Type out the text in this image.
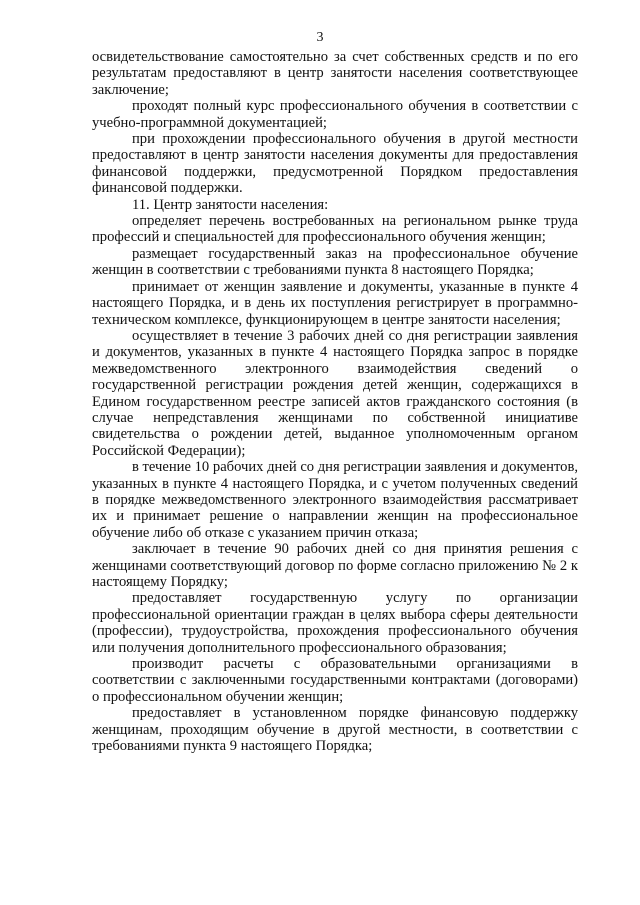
3

освидетельствование самостоятельно за счет собственных средств и по его результатам предоставляют в центр занятости населения соответствующее заключение;

проходят полный курс профессионального обучения в соответствии с учебно-программной документацией;

при прохождении профессионального обучения в другой местности предоставляют в центр занятости населения документы для предоставления финансовой поддержки, предусмотренной Порядком предоставления финансовой поддержки.

11. Центр занятости населения:

определяет перечень востребованных на региональном рынке труда профессий и специальностей для профессионального обучения женщин;

размещает государственный заказ на профессиональное обучение женщин в соответствии с требованиями пункта 8 настоящего Порядка;

принимает от женщин заявление и документы, указанные в пункте 4 настоящего Порядка, и в день их поступления регистрирует в программно-техническом комплексе, функционирующем в центре занятости населения;

осуществляет в течение 3 рабочих дней со дня регистрации заявления и документов, указанных в пункте 4 настоящего Порядка запрос в порядке межведомственного электронного взаимодействия сведений о государственной регистрации рождения детей женщин, содержащихся в Едином государственном реестре записей актов гражданского состояния (в случае непредставления женщинами по собственной инициативе свидетельства о рождении детей, выданное уполномоченным органом Российской Федерации);

в течение 10 рабочих дней со дня регистрации заявления и документов, указанных в пункте 4 настоящего Порядка, и с учетом полученных сведений в порядке межведомственного электронного взаимодействия рассматривает их и принимает решение о направлении женщин на профессиональное обучение либо об отказе с указанием причин отказа;

заключает в течение 90 рабочих дней со дня принятия решения с женщинами соответствующий договор по форме согласно приложению № 2 к настоящему Порядку;

предоставляет государственную услугу по организации профессиональной ориентации граждан в целях выбора сферы деятельности (профессии), трудоустройства, прохождения профессионального обучения или получения дополнительного профессионального образования;

производит расчеты с образовательными организациями в соответствии с заключенными государственными контрактами (договорами) о профессиональном обучении женщин;

предоставляет в установленном порядке финансовую поддержку женщинам, проходящим обучение в другой местности, в соответствии с требованиями пункта 9 настоящего Порядка;
